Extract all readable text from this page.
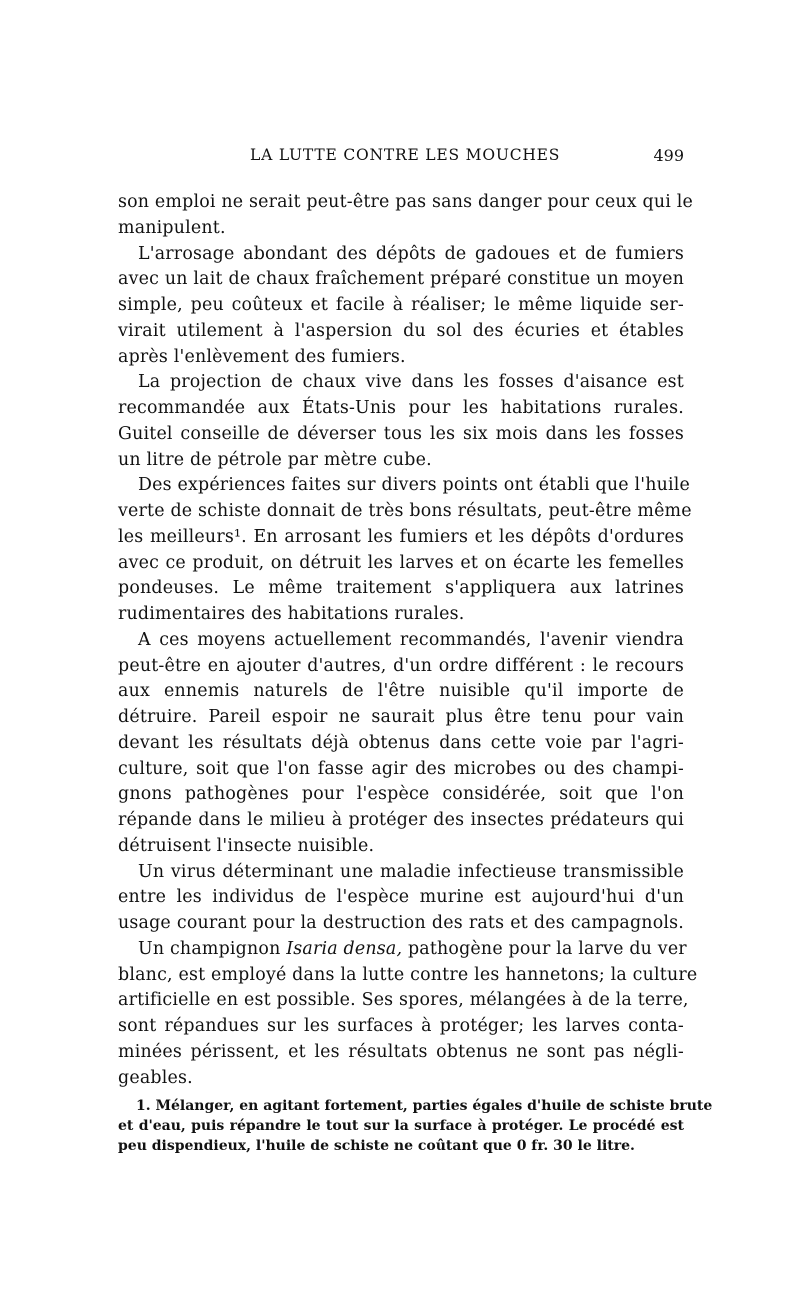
LA LUTTE CONTRE LES MOUCHES	499
son emploi ne serait peut-être pas sans danger pour ceux qui le
manipulent.
L'arrosage abondant des dépôts de gadoues et de fumiers
avec un lait de chaux fraîchement préparé constitue un moyen
simple, peu coûteux et facile à réaliser; le même liquide ser-
virait utilement à l'aspersion du sol des écuries et étables
après l'enlèvement des fumiers.
La projection de chaux vive dans les fosses d'aisance est
recommandée aux États-Unis pour les habitations rurales.
Guitel conseille de déverser tous les six mois dans les fosses
un litre de pétrole par mètre cube.
Des expériences faites sur divers points ont établi que l'huile
verte de schiste donnait de très bons résultats, peut-être même
les meilleurs¹. En arrosant les fumiers et les dépôts d'ordures
avec ce produit, on détruit les larves et on écarte les femelles
pondeuses. Le même traitement s'appliquera aux latrines
rudimentaires des habitations rurales.
A ces moyens actuellement recommandés, l'avenir viendra
peut-être en ajouter d'autres, d'un ordre différent : le recours
aux ennemis naturels de l'être nuisible qu'il importe de
détruire. Pareil espoir ne saurait plus être tenu pour vain
devant les résultats déjà obtenus dans cette voie par l'agri-
culture, soit que l'on fasse agir des microbes ou des champi-
gnons pathogènes pour l'espèce considérée, soit que l'on
répande dans le milieu à protéger des insectes prédateurs qui
détruisent l'insecte nuisible.
Un virus déterminant une maladie infectieuse transmissible
entre les individus de l'espèce murine est aujourd'hui d'un
usage courant pour la destruction des rats et des campagnols.
Un champignon Isaria densa, pathogène pour la larve du ver
blanc, est employé dans la lutte contre les hannetons; la culture
artificielle en est possible. Ses spores, mélangées à de la terre,
sont répandues sur les surfaces à protéger; les larves conta-
minées périssent, et les résultats obtenus ne sont pas négli-
geables.
1. Mélanger, en agitant fortement, parties égales d'huile de schiste brute
et d'eau, puis répandre le tout sur la surface à protéger. Le procédé est
peu dispendieux, l'huile de schiste ne coûtant que 0 fr. 30 le litre.
